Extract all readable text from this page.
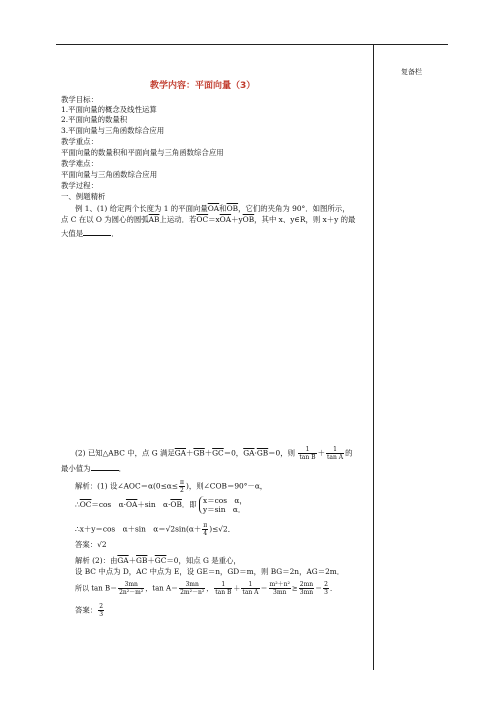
复备栏
教学内容：平面向量（3）
教学目标：
1.平面向量的概念及线性运算
2.平面向量的数量积
3.平面向量与三角函数综合应用
教学重点：
平面向量的数量积和平面向量与三角函数综合应用
教学难点：
平面向量与三角函数综合应用
教学过程：
一、例题精析
例 1、(1) 给定两个长度为 1 的平面向量$\overline{OA}$和$\overline{OB}$，它们的夹角为 90°．如图所示，
点 C 在以 O 为圆心的圆弧$\overline{AB}$上运动．若$\overline{OC}=x\overline{OA}+y\overline{OB}$，其中 x、y∈R，则 x＋y 的最
大值是	．
(2) 已知△ABC 中，点 G 满足$\overline{GA}+\overline{GB}+\overline{GC}=0$，$\overline{GA}\cdot\overline{GB}=0$，则 $\frac{1}{\text{tan B}} + \frac{1}{\text{tan A}}$ 的
最小值为	．
解析：(1) 设∠AOC＝α(0≤α≤ $\frac{\pi}{2}$ )，则∠COB＝90°－α，
$\therefore\overline{OC}=\cos$　$\alpha\cdot\overline{OA}+\sin$　$\alpha\cdot\overline{OB}$．即 x＝cos　α，
y＝sin　α．
∴x＋y＝cos　α＋sin　$\alpha=√2\sin(\alpha+ \frac{\pi}{4} )\le√2$．
答案：√2
解析 (2)：由$\overline{GA}+\overline{GB}+\overline{GC}=0$，知点 G 是重心，
设 BC 中点为 D，AC 中点为 E，设 GE＝n，GD＝m，则 BG＝2n，AG＝2m．
所以 $\tan B= \frac{3mn}{\text{2n²－m²}}$ ，$\tan A= \frac{3mn}{\text{2m²－n²}}$ ， $\frac{1}{\text{tan B}} + \frac{1}{\text{tan A}} = \frac{\text{m²＋n²}}{3mn} \ge \frac{2mn}{3mn} = \frac{2}{3}$ ．
答案： $\frac{2}{3}$
